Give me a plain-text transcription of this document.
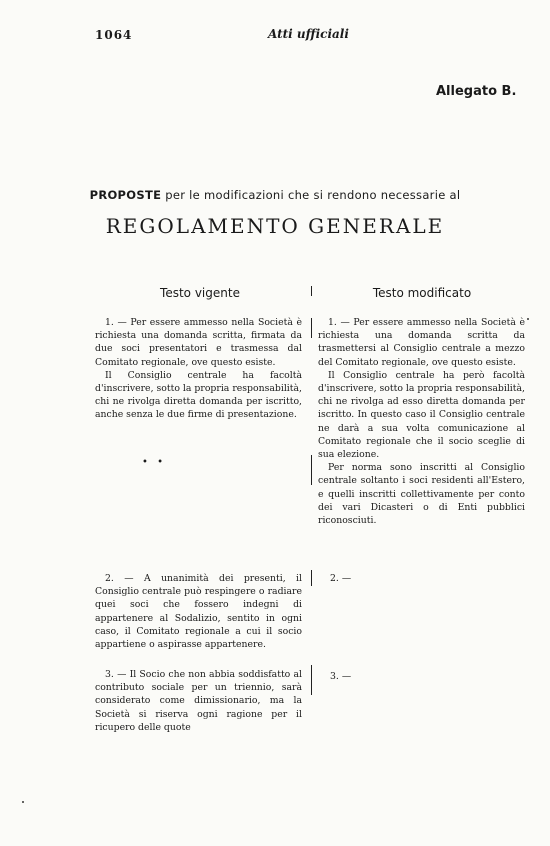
1064	Atti ufficiali
Allegato B.
PROPOSTE per le modificazioni che si rendono necessarie al
REGOLAMENTO GENERALE
Testo vigente	Testo modificato

1. — Per essere ammesso nella Società è richiesta una domanda scritta, firmata da due soci presentatori e trasmessa dal Comitato regionale, ove questo esiste.

Il Consiglio centrale ha facoltà d'inscrivere, sotto la propria responsabilità, chi ne rivolga diretta domanda per iscritto, anche senza le due firme di presentazione.

• •

2. — A unanimità dei presenti, il Consiglio centrale può respingere o radiare quei soci che fossero indegni di appartenere al Sodalizio, sentito in ogni caso, il Comitato regionale a cui il socio appartiene o aspirasse appartenere.

3. — Il Socio che non abbia soddisfatto al contributo sociale per un triennio, sarà considerato come dimissionario, ma la Società si riserva ogni ragione per il ricupero delle quote

1. — Per essere ammesso nella Società è richiesta una domanda scritta da trasmettersi al Consiglio centrale a mezzo del Comitato regionale, ove questo esiste.

Il Consiglio centrale ha però facoltà d'inscrivere, sotto la propria responsabilità, chi ne rivolga ad esso diretta domanda per iscritto. In questo caso il Consiglio centrale ne darà a sua volta comunicazione al Comitato regionale che il socio sceglie di sua elezione.

Per norma sono inscritti al Consiglio centrale soltanto i soci residenti all'Estero, e quelli inscritti collettivamente per conto dei vari Dicasteri o di Enti pubblici riconosciuti.

2. —
3. —
